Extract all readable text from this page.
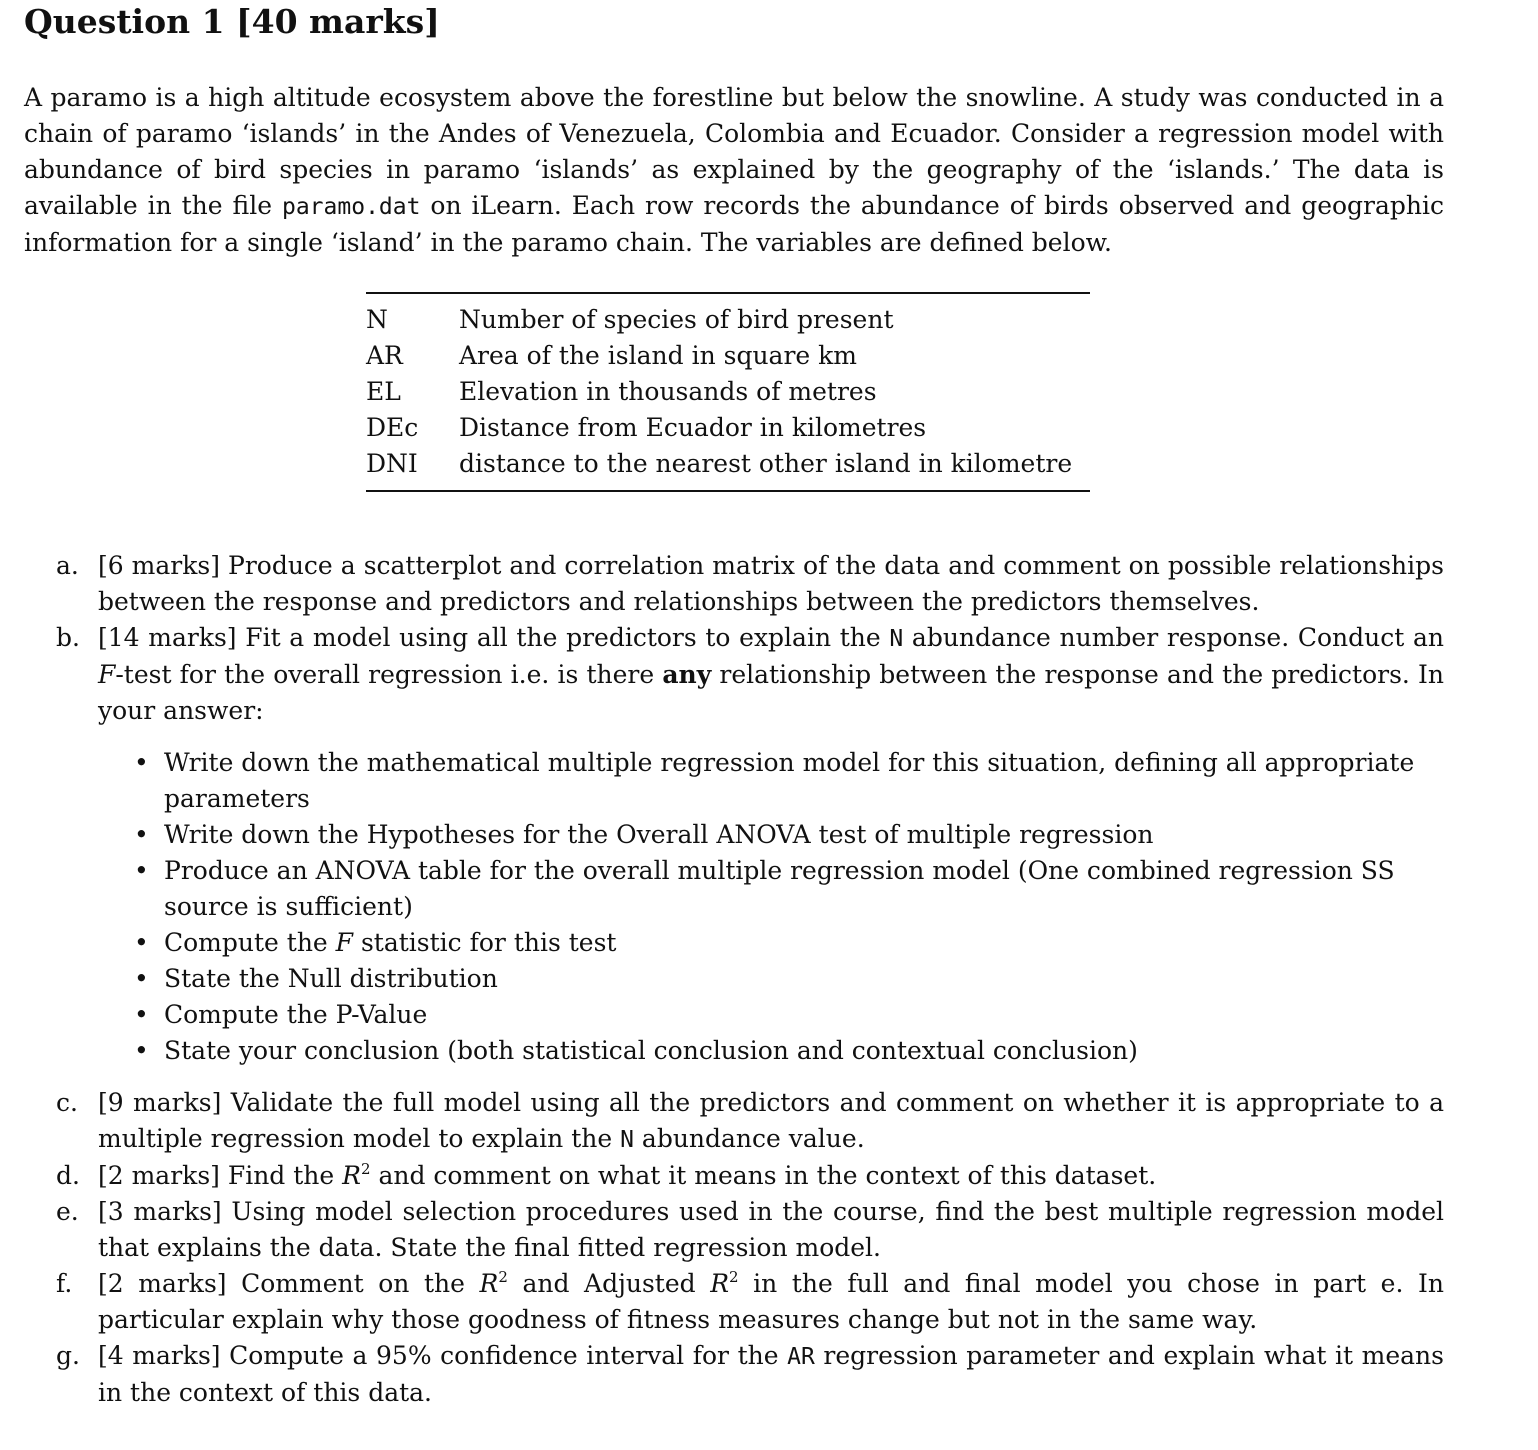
Question 1 [40 marks]

A paramo is a high altitude ecosystem above the forestline but below the snowline. A study was conducted in a chain of paramo ‘islands’ in the Andes of Venezuela, Colombia and Ecuador. Consider a regression model with abundance of bird species in paramo ‘islands’ as explained by the geography of the ‘islands.’ The data is available in the file paramo.dat on iLearn. Each row records the abundance of birds observed and geographic information for a single ‘island’ in the paramo chain. The variables are defined below.

N	Number of species of bird present
AR	Area of the island in square km
EL	Elevation in thousands of metres
DEc	Distance from Ecuador in kilometres
DNI	distance to the nearest other island in kilometre
a. [6 marks] Produce a scatterplot and correlation matrix of the data and comment on possible relationships between the response and predictors and relationships between the predictors themselves.
b. [14 marks] Fit a model using all the predictors to explain the N abundance number response. Conduct an F-test for the overall regression i.e. is there any relationship between the response and the predictors. In your answer:
• Write down the mathematical multiple regression model for this situation, defining all appropriate parameters
• Write down the Hypotheses for the Overall ANOVA test of multiple regression
• Produce an ANOVA table for the overall multiple regression model (One combined regression SS source is sufficient)
• Compute the F statistic for this test
• State the Null distribution
• Compute the P-Value
• State your conclusion (both statistical conclusion and contextual conclusion)
c. [9 marks] Validate the full model using all the predictors and comment on whether it is appropriate to a multiple regression model to explain the N abundance value.
d. [2 marks] Find the $R^2$ and comment on what it means in the context of this dataset.
e. [3 marks] Using model selection procedures used in the course, find the best multiple regression model that explains the data. State the final fitted regression model.
f. [2 marks] Comment on the $R^2$ and Adjusted $R^2$ in the full and final model you chose in part e. In particular explain why those goodness of fitness measures change but not in the same way.
g. [4 marks] Compute a 95% confidence interval for the AR regression parameter and explain what it means in the context of this data.
